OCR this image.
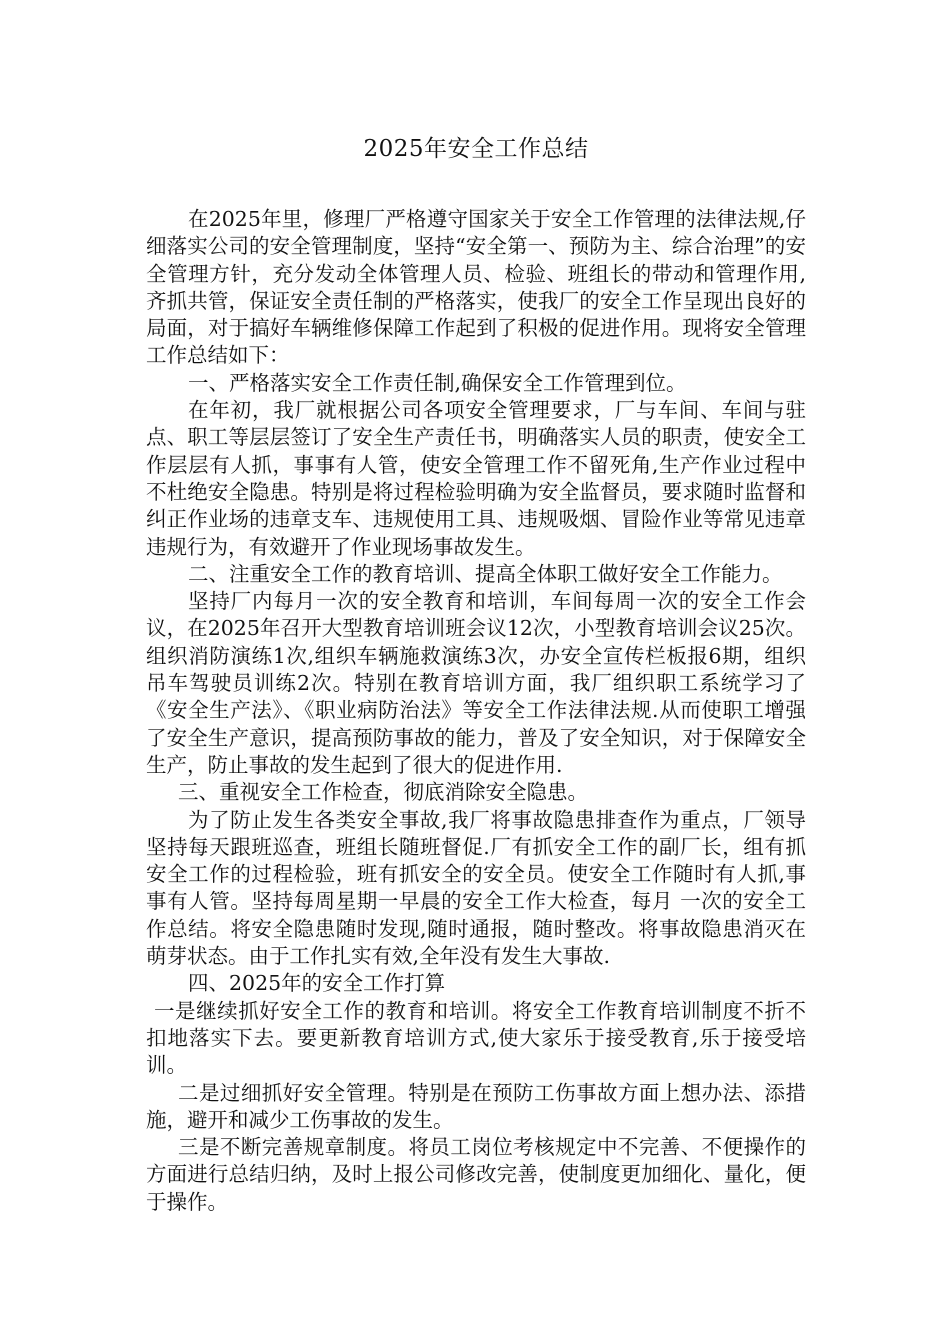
2025年安全工作总结

在2025年里，修理厂严格遵守国家关于安全工作管理的法律法规,仔细落实公司的安全管理制度，坚持“安全第一、预防为主、综合治理”的安全管理方针，充分发动全体管理人员、检验、班组长的带动和管理作用,齐抓共管，保证安全责任制的严格落实，使我厂的安全工作呈现出良好的局面，对于搞好车辆维修保障工作起到了积极的促进作用。现将安全管理工作总结如下：

一、严格落实安全工作责任制,确保安全工作管理到位。

在年初，我厂就根据公司各项安全管理要求，厂与车间、车间与驻点、职工等层层签订了安全生产责任书，明确落实人员的职责，使安全工作层层有人抓，事事有人管，使安全管理工作不留死角,生产作业过程中不杜绝安全隐患。特别是将过程检验明确为安全监督员，要求随时监督和纠正作业场的违章支车、违规使用工具、违规吸烟、冒险作业等常见违章违规行为，有效避开了作业现场事故发生。

二、注重安全工作的教育培训、提高全体职工做好安全工作能力。

坚持厂内每月一次的安全教育和培训，车间每周一次的安全工作会议，在2025年召开大型教育培训班会议12次，小型教育培训会议25次。组织消防演练1次,组织车辆施救演练3次，办安全宣传栏板报6期，组织吊车驾驶员训练2次。特别在教育培训方面，我厂组织职工系统学习了《安全生产法》、《职业病防治法》等安全工作法律法规.从而使职工增强了安全生产意识，提高预防事故的能力，普及了安全知识，对于保障安全生产，防止事故的发生起到了很大的促进作用.

三、重视安全工作检查，彻底消除安全隐患。

为了防止发生各类安全事故,我厂将事故隐患排查作为重点，厂领导坚持每天跟班巡查，班组长随班督促.厂有抓安全工作的副厂长，组有抓安全工作的过程检验，班有抓安全的安全员。使安全工作随时有人抓,事事有人管。坚持每周星期一早晨的安全工作大检查，每月 一次的安全工作总结。将安全隐患随时发现,随时通报，随时整改。将事故隐患消灭在萌芽状态。由于工作扎实有效,全年没有发生大事故.

四、2025年的安全工作打算

一是继续抓好安全工作的教育和培训。将安全工作教育培训制度不折不扣地落实下去。要更新教育培训方式,使大家乐于接受教育,乐于接受培训。

二是过细抓好安全管理。特别是在预防工伤事故方面上想办法、添措施，避开和减少工伤事故的发生。

三是不断完善规章制度。将员工岗位考核规定中不完善、不便操作的方面进行总结归纳，及时上报公司修改完善，使制度更加细化、量化，便于操作。
